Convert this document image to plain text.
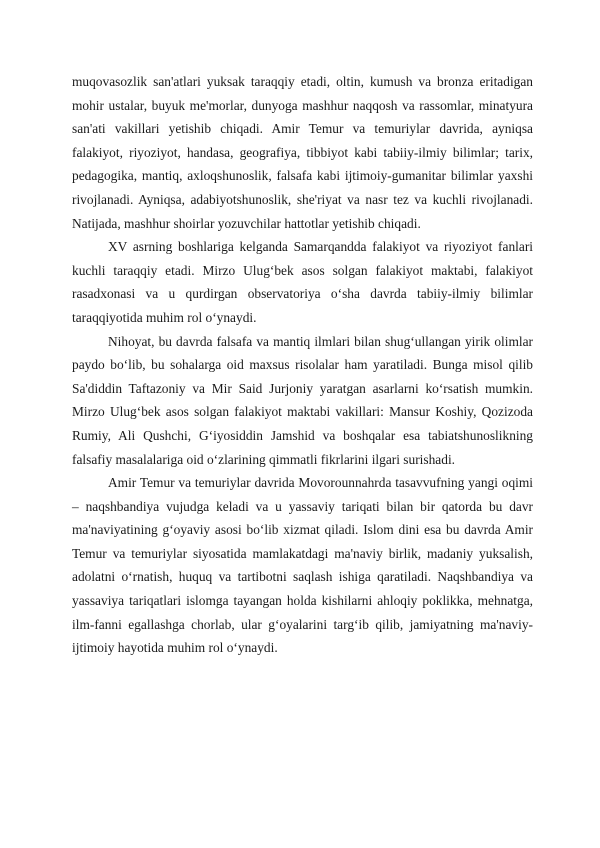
muqovasozlik san'atlari yuksak taraqqiy etadi, oltin, kumush va bronza eritadigan mohir ustalar, buyuk me'morlar, dunyoga mashhur naqqosh va rassomlar, minatyura san'ati vakillari yetishib chiqadi. Amir Temur va temuriylar davrida, ayniqsa falakiyot, riyoziyot, handasa, geografiya, tibbiyot kabi tabiiy-ilmiy bilimlar; tarix, pedagogika, mantiq, axloqshunoslik, falsafa kabi ijtimoiy-gumanitar bilimlar yaxshi rivojlanadi. Ayniqsa, adabiyotshunoslik, she'riyat va nasr tez va kuchli rivojlanadi. Natijada, mashhur shoirlar yozuvchilar hattotlar yetishib chiqadi.

XV asrning boshlariga kelganda Samarqandda falakiyot va riyoziyot fanlari kuchli taraqqiy etadi. Mirzo Ulug‘bek asos solgan falakiyot maktabi, falakiyot rasadxonasi va u qurdirgan observatoriya o‘sha davrda tabiiy-ilmiy bilimlar taraqqiyotida muhim rol o‘ynaydi.

Nihoyat, bu davrda falsafa va mantiq ilmlari bilan shug‘ullangan yirik olimlar paydo bo‘lib, bu sohalarga oid maxsus risolalar ham yaratiladi. Bunga misol qilib Sa'diddin Taftazoniy va Mir Said Jurjoniy yaratgan asarlarni ko‘rsatish mumkin. Mirzo Ulug‘bek asos solgan falakiyot maktabi vakillari: Mansur Koshiy, Qozizoda Rumiy, Ali Qushchi, G‘iyosiddin Jamshid va boshqalar esa tabiatshunoslikning falsafiy masalalariga oid o‘zlarining qimmatli fikrlarini ilgari surishadi.

Amir Temur va temuriylar davrida Movorounnahrda tasavvufning yangi oqimi – naqshbandiya vujudga keladi va u yassaviy tariqati bilan bir qatorda bu davr ma'naviyatining g‘oyaviy asosi bo‘lib xizmat qiladi. Islom dini esa bu davrda Amir Temur va temuriylar siyosatida mamlakatdagi ma'naviy birlik, madaniy yuksalish, adolatni o‘rnatish, huquq va tartibotni saqlash ishiga qaratiladi. Naqshbandiya va yassaviya tariqatlari islomga tayangan holda kishilarni ahloqiy poklikka, mehnatga, ilm-fanni egallashga chorlab, ular g‘oyalarini targ‘ib qilib, jamiyatning ma'naviy-ijtimoiy hayotida muhim rol o‘ynaydi.
